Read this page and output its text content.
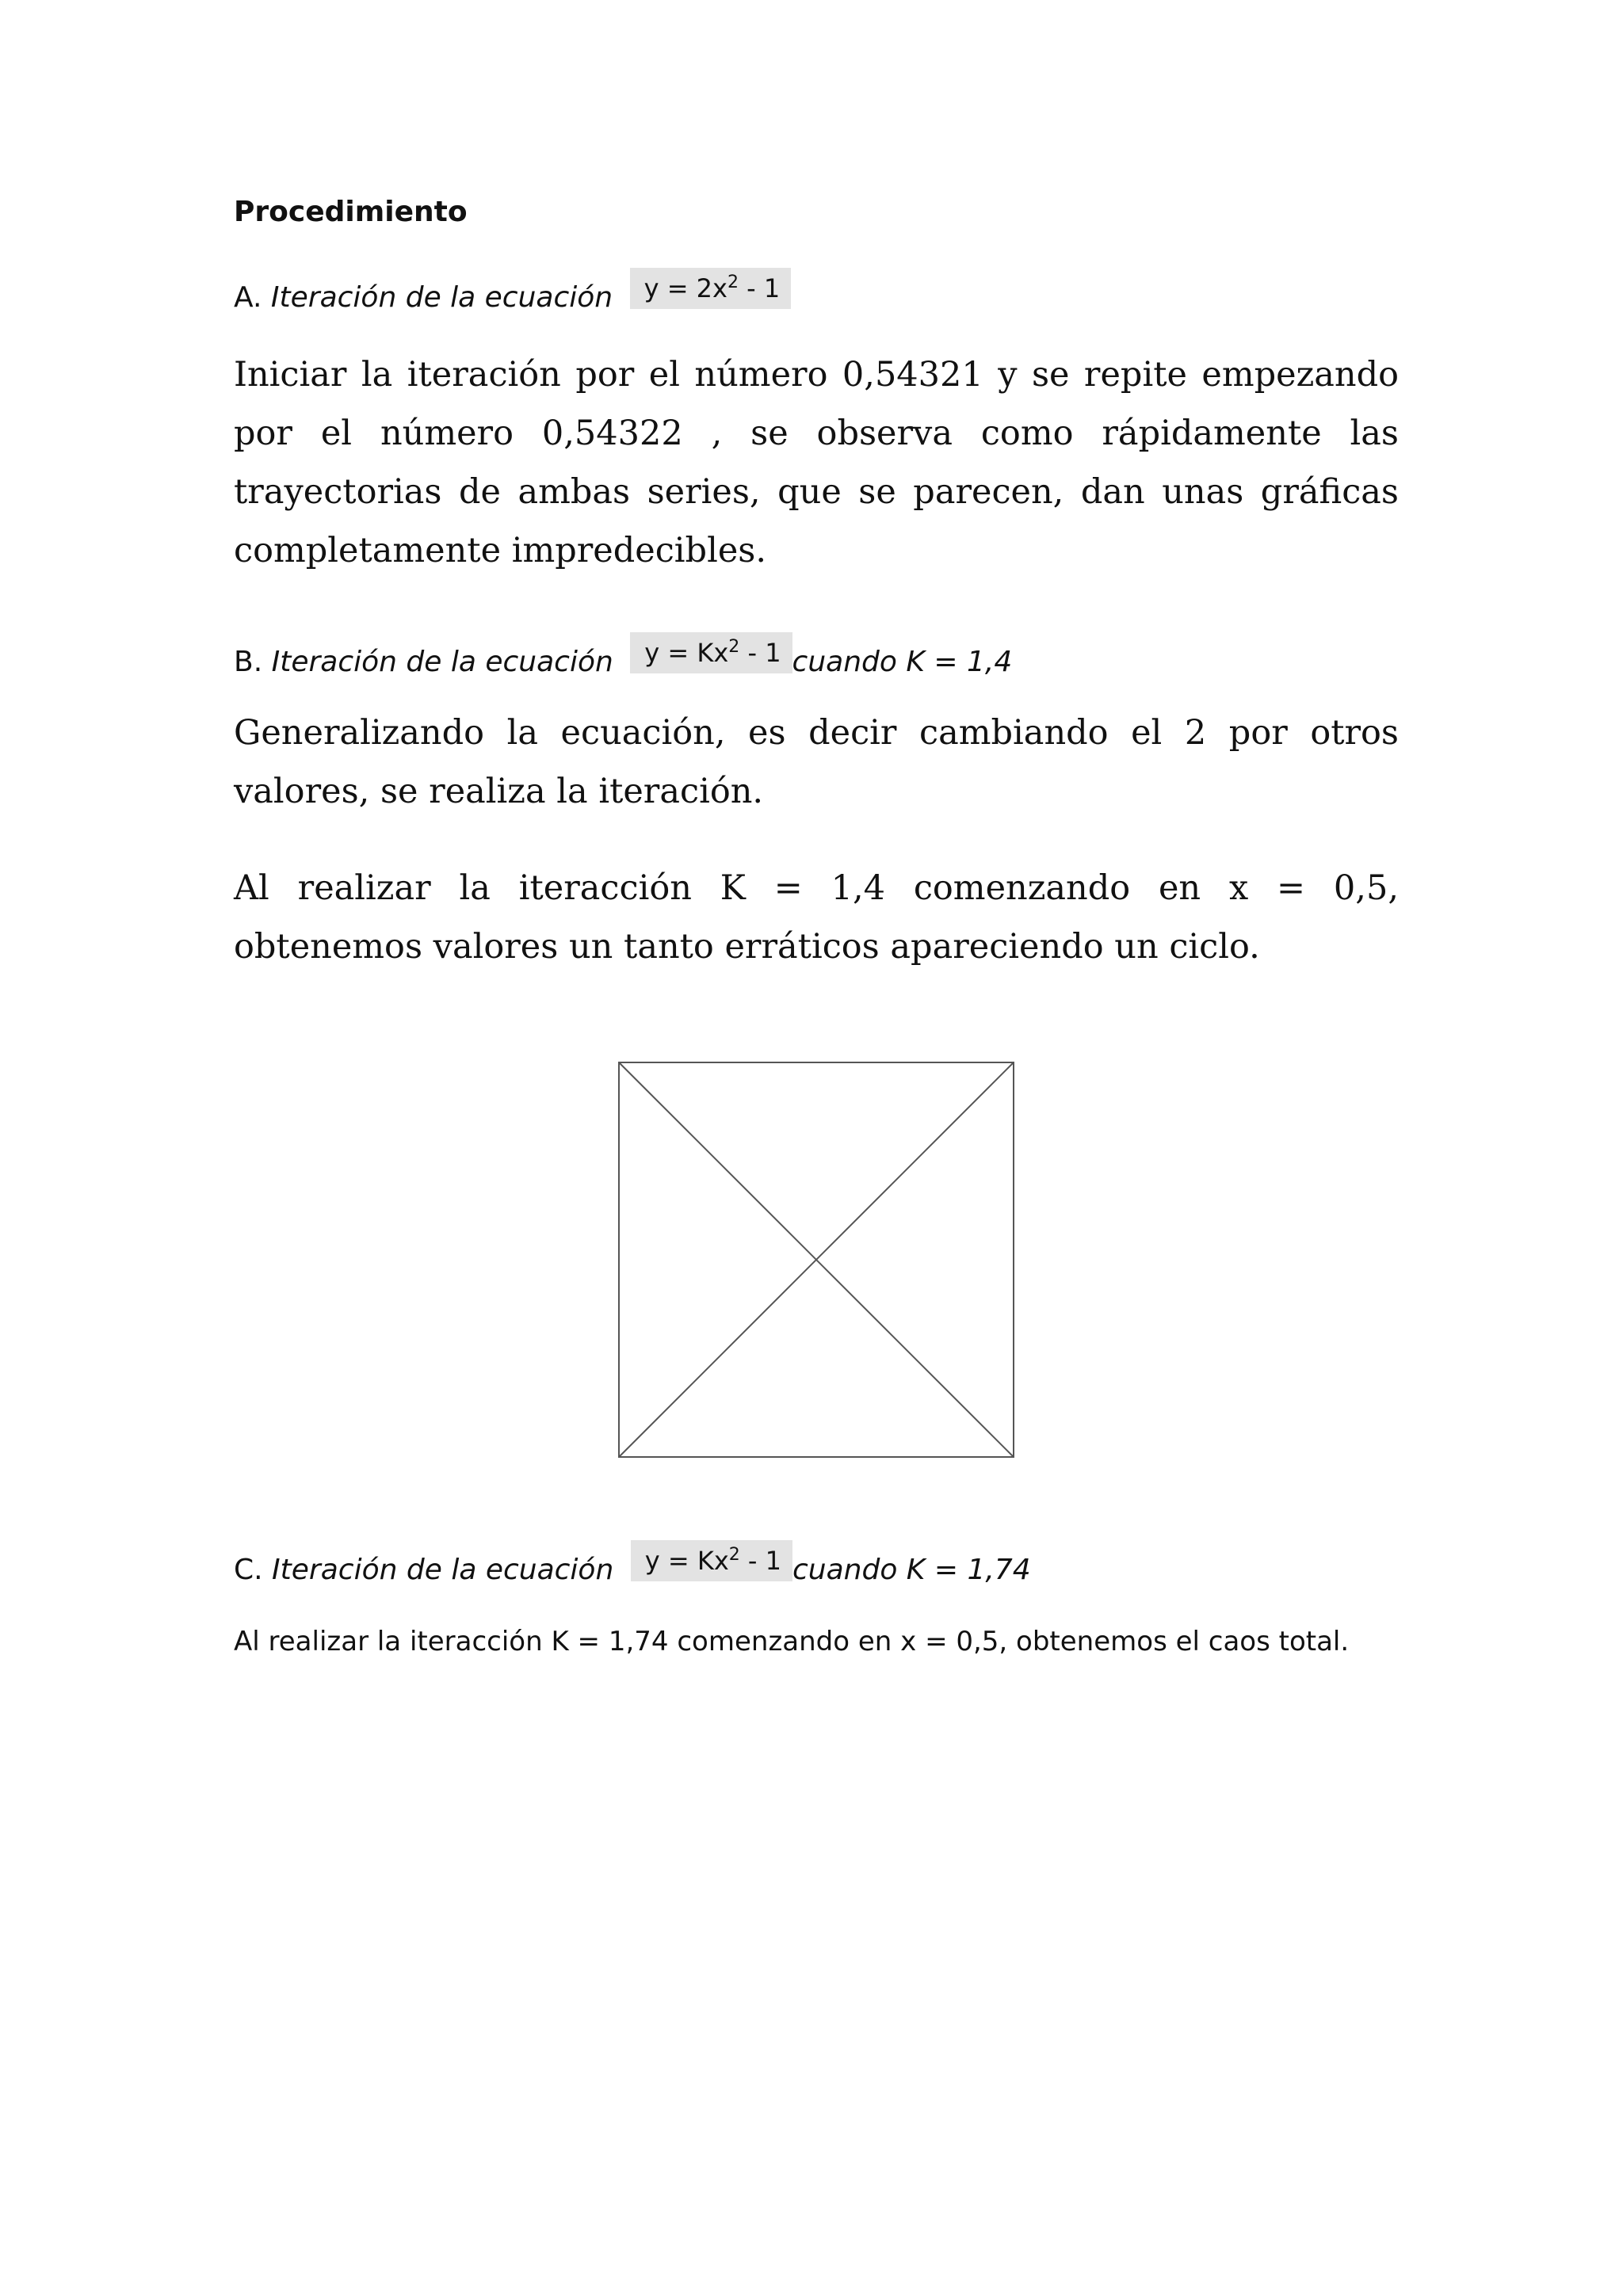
Procedimiento

A. Iteración de la ecuación $y = 2x^2 - 1$

Iniciar la iteración por el número 0,54321 y se repite empezando por el número 0,54322 , se observa como rápidamente las trayectorias de ambas series, que se parecen, dan unas gráficas completamente impredecibles.

B. Iteración de la ecuación $y = Kx^2 - 1$ cuando K = 1,4

Generalizando la ecuación, es decir cambiando el 2 por otros valores, se realiza la iteración.

Al realizar la iteracción K = 1,4 comenzando en x = 0,5, obtenemos valores un tanto erráticos apareciendo un ciclo.

C. Iteración de la ecuación $y = Kx^2 - 1$ cuando K = 1,74

Al realizar la iteracción K = 1,74 comenzando en x = 0,5, obtenemos el caos total.
